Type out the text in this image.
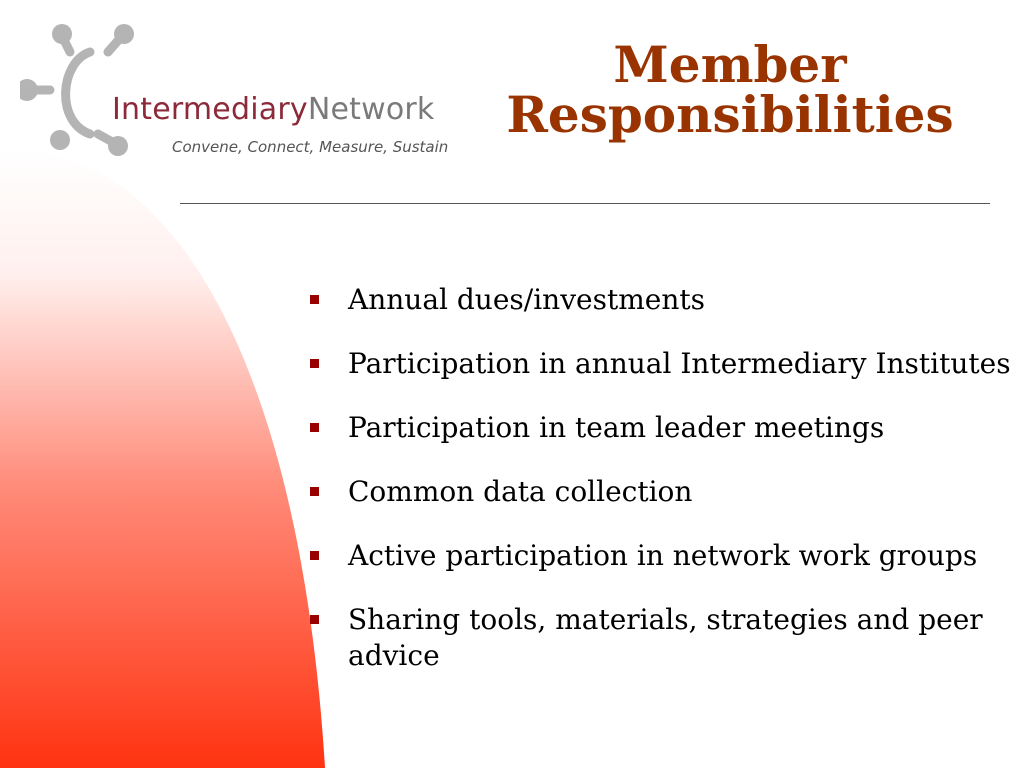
IntermediaryNetwork

Convene, Connect, Measure, Sustain

Member
Responsibilities
Annual dues/investments
Participation in annual Intermediary Institutes
Participation in team leader meetings
Common data collection
Active participation in network work groups
Sharing tools, materials, strategies and peer advice
